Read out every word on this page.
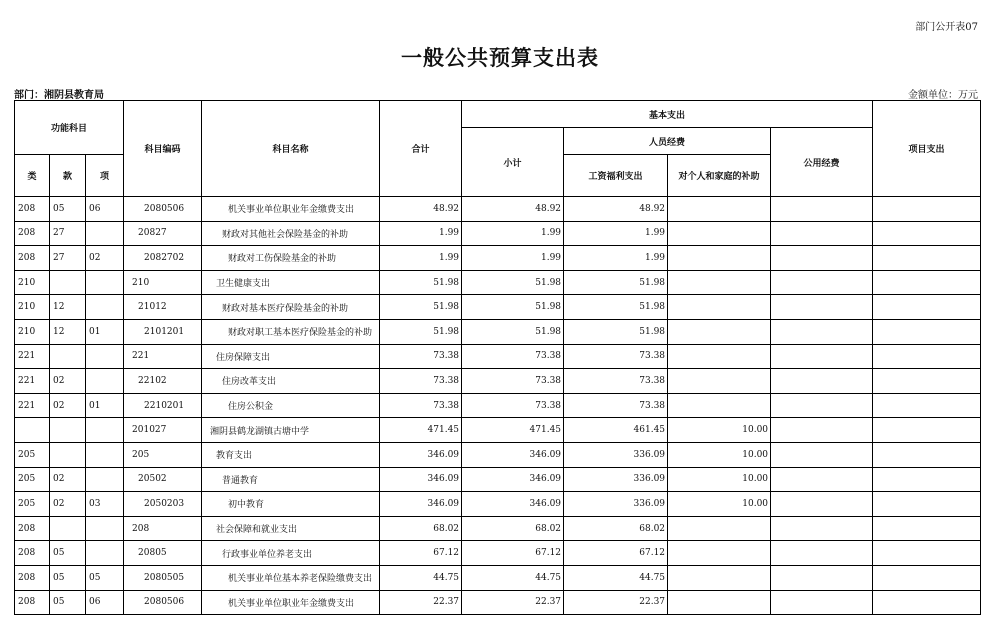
部门公开表07
一般公共预算支出表
部门：湘阴县教育局	金额单位：万元
功能科目			科目编码	科目名称	合计	基本支出				项目支出
						小计	人员经费		公用经费	
类	款	项					工资福利支出	对个人和家庭的补助		
208	05	06	2080506	机关事业单位职业年金缴费支出	48.92	48.92	48.92			
208	27		20827	财政对其他社会保险基金的补助	1.99	1.99	1.99			
208	27	02	2082702	财政对工伤保险基金的补助	1.99	1.99	1.99			
210			210	卫生健康支出	51.98	51.98	51.98			
210	12		21012	财政对基本医疗保险基金的补助	51.98	51.98	51.98			
210	12	01	2101201	财政对职工基本医疗保险基金的补助	51.98	51.98	51.98			
221			221	住房保障支出	73.38	73.38	73.38			
221	02		22102	住房改革支出	73.38	73.38	73.38			
221	02	01	2210201	住房公积金	73.38	73.38	73.38			
			201027	湘阴县鹤龙湖镇古塘中学	471.45	471.45	461.45	10.00		
205			205	教育支出	346.09	346.09	336.09	10.00		
205	02		20502	普通教育	346.09	346.09	336.09	10.00		
205	02	03	2050203	初中教育	346.09	346.09	336.09	10.00		
208			208	社会保障和就业支出	68.02	68.02	68.02			
208	05		20805	行政事业单位养老支出	67.12	67.12	67.12			
208	05	05	2080505	机关事业单位基本养老保险缴费支出	44.75	44.75	44.75			
208	05	06	2080506	机关事业单位职业年金缴费支出	22.37	22.37	22.37			
